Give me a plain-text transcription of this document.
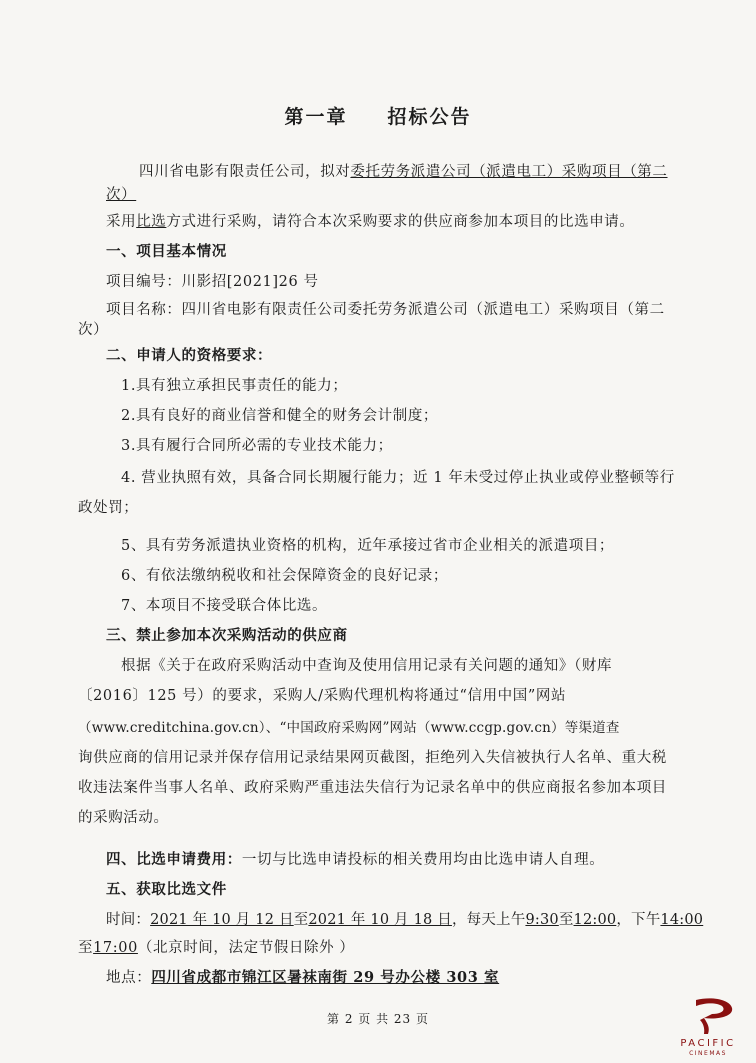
第一章 招标公告
四川省电影有限责任公司，拟对委托劳务派遣公司（派遣电工）采购项目（第二
次）
采用比选方式进行采购，请符合本次采购要求的供应商参加本项目的比选申请。
一、项目基本情况
项目编号：川影招[2021]26 号
项目名称：四川省电影有限责任公司委托劳务派遣公司（派遣电工）采购项目（第二
次）
二、申请人的资格要求：
1.具有独立承担民事责任的能力；
2.具有良好的商业信誉和健全的财务会计制度；
3.具有履行合同所必需的专业技术能力；
4. 营业执照有效，具备合同长期履行能力；近 1 年未受过停止执业或停业整顿等行
政处罚；
5、具有劳务派遣执业资格的机构，近年承接过省市企业相关的派遣项目；
6、有依法缴纳税收和社会保障资金的良好记录；
7、本项目不接受联合体比选。
三、禁止参加本次采购活动的供应商
根据《关于在政府采购活动中查询及使用信用记录有关问题的通知》（财库
〔2016〕125 号）的要求，采购人/采购代理机构将通过“信用中国”网站
（www.creditchina.gov.cn）、“中国政府采购网”网站（www.ccgp.gov.cn）等渠道查
询供应商的信用记录并保存信用记录结果网页截图，拒绝列入失信被执行人名单、重大税
收违法案件当事人名单、政府采购严重违法失信行为记录名单中的供应商报名参加本项目
的采购活动。
四、比选申请费用：一切与比选申请投标的相关费用均由比选申请人自理。
五、获取比选文件
时间：2021 年 10 月 12 日至2021 年 10 月 18 日，每天上午9:30至12:00，下午14:00
至17:00（北京时间，法定节假日除外 ）
地点：四川省成都市锦江区暑袜南街 29 号办公楼 303 室
第 2 页 共 23 页
PACIFIC
CINEMAS
